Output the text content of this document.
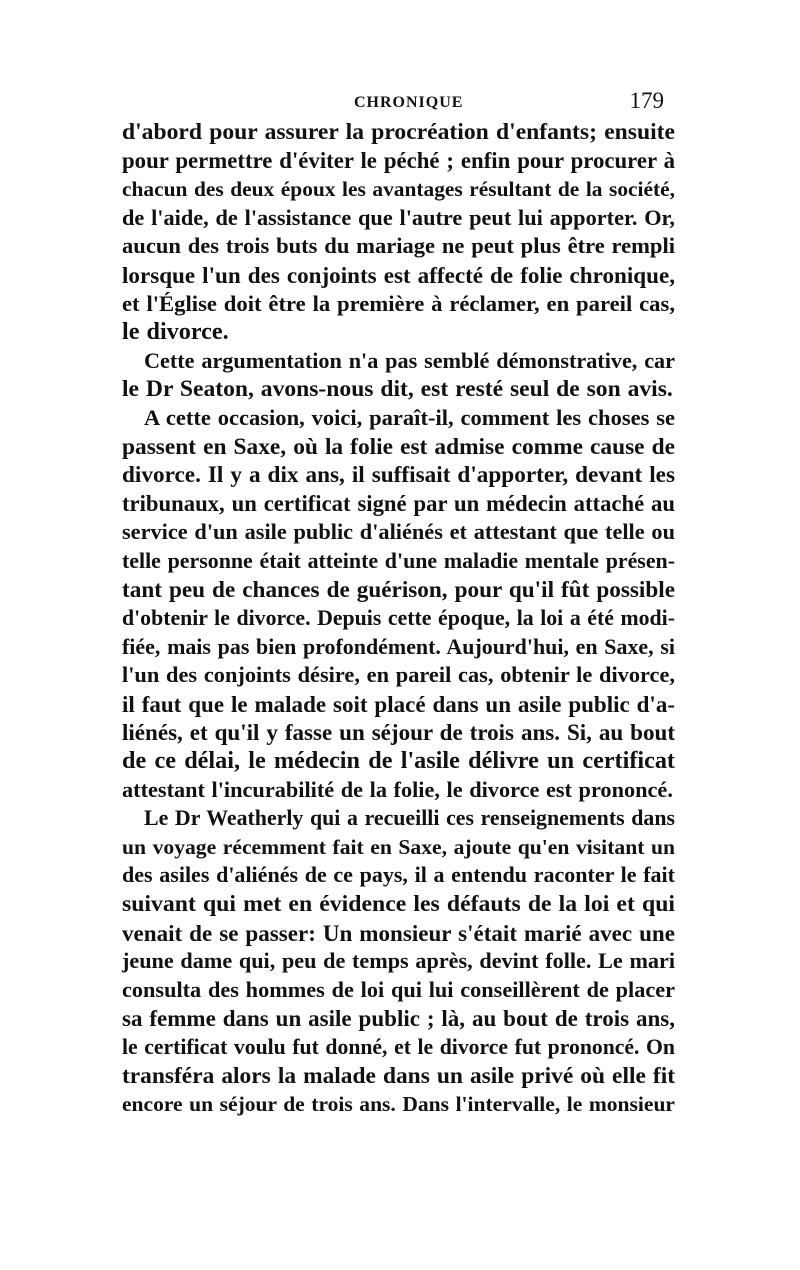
CHRONIQUE	179
d'abord pour assurer la procréation d'enfants; ensuite
pour permettre d'éviter le péché ; enfin pour procurer à
chacun des deux époux les avantages résultant de la société,
de l'aide, de l'assistance que l'autre peut lui apporter. Or,
aucun des trois buts du mariage ne peut plus être rempli
lorsque l'un des conjoints est affecté de folie chronique,
et l'Église doit être la première à réclamer, en pareil cas,
le divorce.
Cette argumentation n'a pas semblé démonstrative, car
le Dr Seaton, avons-nous dit, est resté seul de son avis.
A cette occasion, voici, paraît-il, comment les choses se
passent en Saxe, où la folie est admise comme cause de
divorce. Il y a dix ans, il suffisait d'apporter, devant les
tribunaux, un certificat signé par un médecin attaché au
service d'un asile public d'aliénés et attestant que telle ou
telle personne était atteinte d'une maladie mentale présen-
tant peu de chances de guérison, pour qu'il fût possible
d'obtenir le divorce. Depuis cette époque, la loi a été modi-
fiée, mais pas bien profondément. Aujourd'hui, en Saxe, si
l'un des conjoints désire, en pareil cas, obtenir le divorce,
il faut que le malade soit placé dans un asile public d'a-
liénés, et qu'il y fasse un séjour de trois ans. Si, au bout
de ce délai, le médecin de l'asile délivre un certificat
attestant l'incurabilité de la folie, le divorce est prononcé.
Le Dr Weatherly qui a recueilli ces renseignements dans
un voyage récemment fait en Saxe, ajoute qu'en visitant un
des asiles d'aliénés de ce pays, il a entendu raconter le fait
suivant qui met en évidence les défauts de la loi et qui
venait de se passer: Un monsieur s'était marié avec une
jeune dame qui, peu de temps après, devint folle. Le mari
consulta des hommes de loi qui lui conseillèrent de placer
sa femme dans un asile public ; là, au bout de trois ans,
le certificat voulu fut donné, et le divorce fut prononcé. On
transféra alors la malade dans un asile privé où elle fit
encore un séjour de trois ans. Dans l'intervalle, le monsieur
